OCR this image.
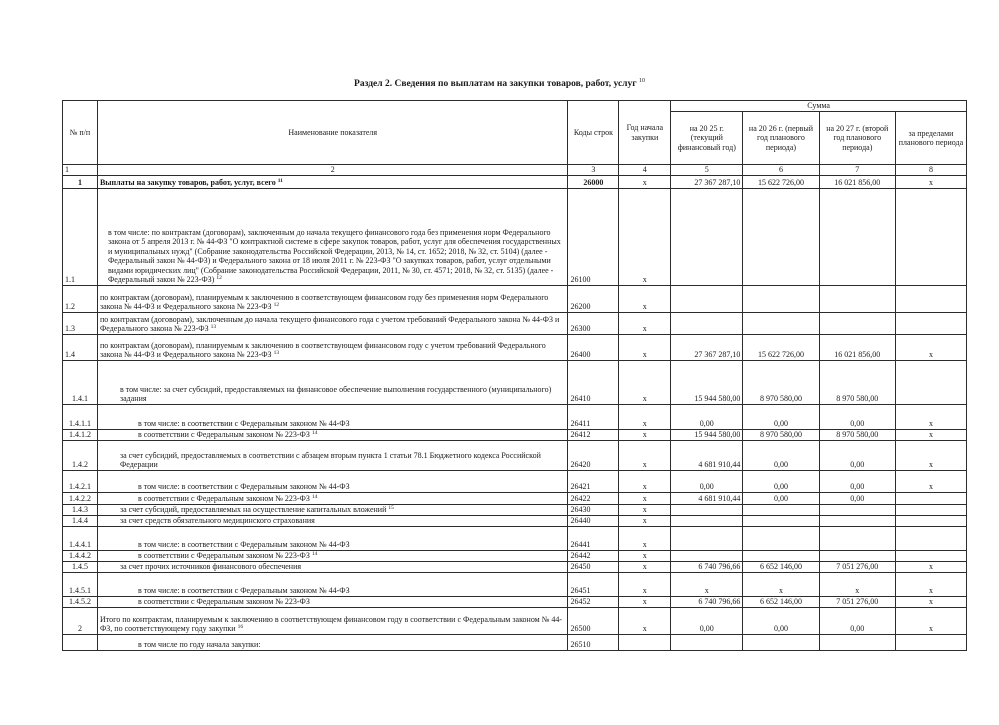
Раздел 2. Сведения по выплатам на закупки товаров, работ, услуг $^{10}$
№ п/п	Наименование показателя	Коды строк	Год начала закупки	Сумма			
				на 20 25 г. (текущий финансовый год)	на 20 26 г. (первый год планового периода)	на 20 27 г. (второй год планового периода)	за пределами планового периода
1	2	3	4	5	6	7	8
1	Выплаты на закупку товаров, работ, услуг, всего $^{11}$	26000	x	27 367 287,10	15 622 726,00	16 021 856,00	x
1.1	в том числе: по контрактам (договорам), заключенным до начала текущего финансового года без применения норм Федерального закона от 5 апреля 2013 г. № 44-ФЗ "О контрактной системе в сфере закупок товаров, работ, услуг для обеспечения государственных и муниципальных нужд" (Собрание законодательства Российской Федерации, 2013, № 14, ст. 1652; 2018, № 32, ст. 5104) (далее - Федеральный закон № 44-ФЗ) и Федерального закона от 18 июля 2011 г. № 223-ФЗ "О закупках товаров, работ, услуг отдельными видами юридических лиц" (Собрание законодательства Российской Федерации, 2011, № 30, ст. 4571; 2018, № 32, ст. 5135) (далее - Федеральный закон № 223-ФЗ) $^{12}$	26100	x				
1.2	по контрактам (договорам), планируемым к заключению в соответствующем финансовом году без применения норм Федерального закона № 44-ФЗ и Федерального закона № 223-ФЗ $^{12}$	26200	x				
1.3	по контрактам (договорам), заключенным до начала текущего финансового года с учетом требований Федерального закона № 44-ФЗ и Федерального закона № 223-ФЗ $^{13}$	26300	x				
1.4	по контрактам (договорам), планируемым к заключению в соответствующем финансовом году с учетом требований Федерального закона № 44-ФЗ и Федерального закона № 223-ФЗ $^{13}$	26400	x	27 367 287,10	15 622 726,00	16 021 856,00	x
1.4.1	в том числе: за счет субсидий, предоставляемых на финансовое обеспечение выполнения государственного (муниципального) задания	26410	x	15 944 580,00	8 970 580,00	8 970 580,00	
1.4.1.1	в том числе: в соответствии с Федеральным законом № 44-ФЗ	26411	x	0,00	0,00	0,00	x
1.4.1.2	в соответствии с Федеральным законом № 223-ФЗ $^{14}$	26412	x	15 944 580,00	8 970 580,00	8 970 580,00	x
1.4.2	за счет субсидий, предоставляемых в соответствии с абзацем вторым пункта 1 статьи 78.1 Бюджетного кодекса Российской Федерации	26420	x	4 681 910,44	0,00	0,00	x
1.4.2.1	в том числе: в соответствии с Федеральным законом № 44-ФЗ	26421	x	0,00	0,00	0,00	x
1.4.2.2	в соответствии с Федеральным законом № 223-ФЗ $^{14}$	26422	x	4 681 910,44	0,00	0,00	
1.4.3	за счет субсидий, предоставляемых на осуществление капитальных вложений $^{15}$	26430	x				
1.4.4	за счет средств обязательного медицинского страхования	26440	x				
1.4.4.1	в том числе: в соответствии с Федеральным законом № 44-ФЗ	26441	x				
1.4.4.2	в соответствии с Федеральным законом № 223-ФЗ $^{14}$	26442	x				
1.4.5	за счет прочих источников финансового обеспечения	26450	x	6 740 796,66	6 652 146,00	7 051 276,00	x
1.4.5.1	в том числе: в соответствии с Федеральным законом № 44-ФЗ	26451	x	x	x	x	x
1.4.5.2	в соответствии с Федеральным законом № 223-ФЗ	26452	x	6 740 796,66	6 652 146,00	7 051 276,00	x
2	Итого по контрактам, планируемым к заключению в соответствующем финансовом году в соответствии с Федеральным законом № 44-ФЗ, по соответствующему году закупки $^{16}$	26500	x	0,00	0,00	0,00	x
	в том числе по году начала закупки:	26510					
